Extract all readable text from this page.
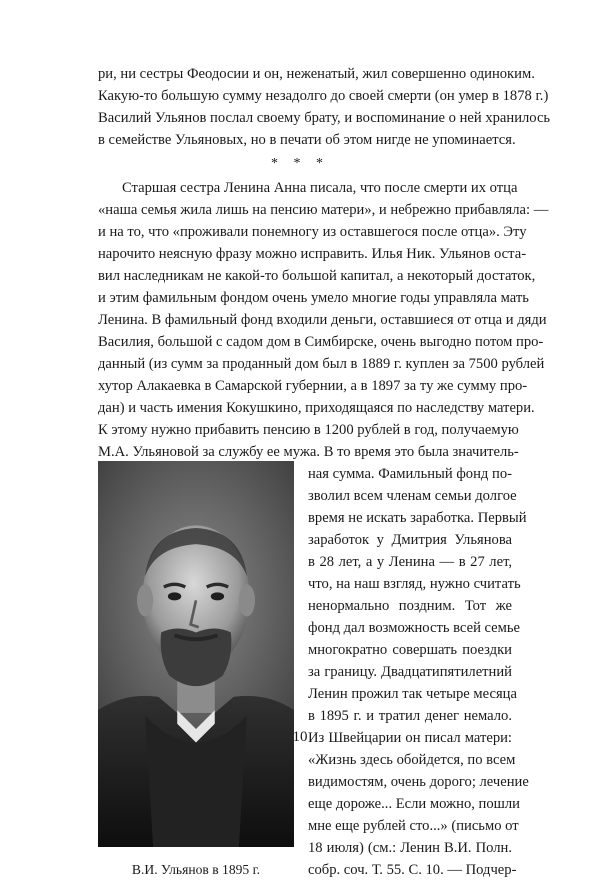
ри, ни сестры Феодосии и он, неженатый, жил совершенно одиноким.
Какую-то большую сумму незадолго до своей смерти (он умер в 1878 г.)
Василий Ульянов послал своему брату, и воспоминание о ней хранилось
в семействе Ульяновых, но в печати об этом нигде не упоминается.
* * *
Старшая сестра Ленина Анна писала, что после смерти их отца
«наша семья жила лишь на пенсию матери», и небрежно прибавляла: —
и на то, что «проживали понемногу из оставшегося после отца». Эту
нарочито неясную фразу можно исправить. Илья Ник. Ульянов оста-
вил наследникам не какой-то большой капитал, а некоторый достаток,
и этим фамильным фондом очень умело многие годы управляла мать
Ленина. В фамильный фонд входили деньги, оставшиеся от отца и дяди
Василия, большой с садом дом в Симбирске, очень выгодно потом про-
данный (из сумм за проданный дом был в 1889 г. куплен за 7500 рублей
хутор Алакаевка в Самарской губернии, а в 1897 за ту же сумму про-
дан) и часть имения Кокушкино, приходящаяся по наследству матери.
К этому нужно прибавить пенсию в 1200 рублей в год, получаемую
М.А. Ульяновой за службу ее мужа. В то время это была значитель-
ная сумма. Фамильный фонд по-
зволил всем членам семьи долгое
время не искать заработка. Первый
заработок у Дмитрия Ульянова
в 28 лет, а у Ленина — в 27 лет,
что, на наш взгляд, нужно считать
ненормально поздним. Тот же
фонд дал возможность всей семье
многократно совершать поездки
за границу. Двадцатипятилетний
Ленин прожил так четыре месяца
в 1895 г. и тратил денег немало.
Из Швейцарии он писал матери:
«Жизнь здесь обойдется, по всем
видимостям, очень дорого; лечение
еще дороже... Если можно, пошли
мне еще рублей сто...» (письмо от
18 июля) (см.: Ленин В.И. Полн.
собр. соч. Т. 55. С. 10. — Подчер-
В.И. Ульянов в 1895 г.
10
